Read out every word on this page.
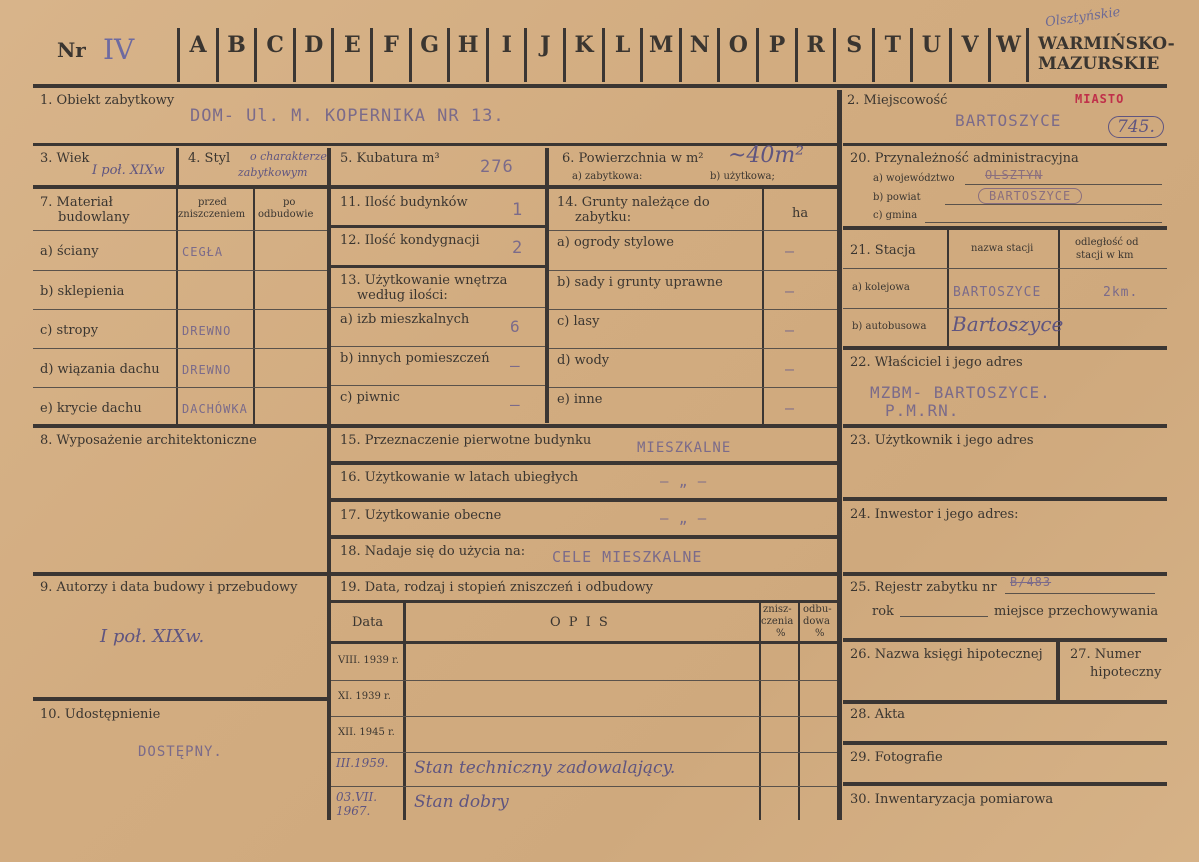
Nr IV	A B C D E	F G H	I	J	K L M N O P R S	T U V W WARMIŃSKO-
MAZURSKIE
Olsztyńskie
1. Obiekt zabytkowy
DOM- Ul. M. KOPERNIKA NR 13.
2. Miejscowość
BARTOSZYCE
MIASTO
745.
3. Wiek
I poł. XIXw
4. Styl o charakterze
zabytkowym
5. Kubatura m³ 276	6. Powierzchnia w m²
a) zabytkowa:	b) użytkowa;
~40m²	20. Przynależność administracyjna
a) województwo	OLSZTYN
b) powiat	BARTOSZYCE
c) gmina
7. Materiał
budowlany
przed
zniszczeniem
po
odbudowie
a) ściany	CEGŁA
b) sklepienia
c) stropy	DREWNO
d) wiązania dachu DREWNO
e) krycie dachu	DACHÓWKA
11. Ilość budynków	1
12. Ilość kondygnacji 2
13. Użytkowanie wnętrza
według ilości:
a) izb mieszkalnych	6
b) innych pomieszczeń —
c) piwnic	—
14. Grunty należące do
zabytku:	ha
a) ogrody stylowe	—
b) sady i grunty uprawne	—
c) lasy	—
d) wody	—
e) inne	—
21. Stacja	nazwa stacji
odległość od
stacji w km
a) kolejowa	BARTOSZYCE	2km.
b) autobusowa Bartoszyce
22. Właściciel i jego adres
MZBM- BARTOSZYCE.
P.M.RN.
8. Wyposażenie architektoniczne	15. Przeznaczenie pierwotne budynku	MIESZKALNE
16. Użytkowanie w latach ubiegłych	— „ —
17. Użytkowanie obecne	— „ —
18. Nadaje się do użycia na: CELE MIESZKALNE
23. Użytkownik i jego adres
24. Inwestor i jego adres:
9. Autorzy i data budowy i przebudowy
I poł. XIXw.
19. Data, rodzaj i stopień zniszczeń i odbudowy
Data	O P I S
znisz-
czenia
%
odbu-
dowa
%
VIII. 1939 r.
XI. 1939 r.
XII. 1945 r.
III.1959.	Stan techniczny zadowalający.
03.VII. 1967.	Stan dobry
25. Rejestr zabytku nr B/483
rok	miejsce przechowywania
26. Nazwa księgi hipotecznej 27. Numer
hipoteczny
10. Udostępnienie
DOSTĘPNY.
28. Akta
29. Fotografie
30. Inwentaryzacja pomiarowa
